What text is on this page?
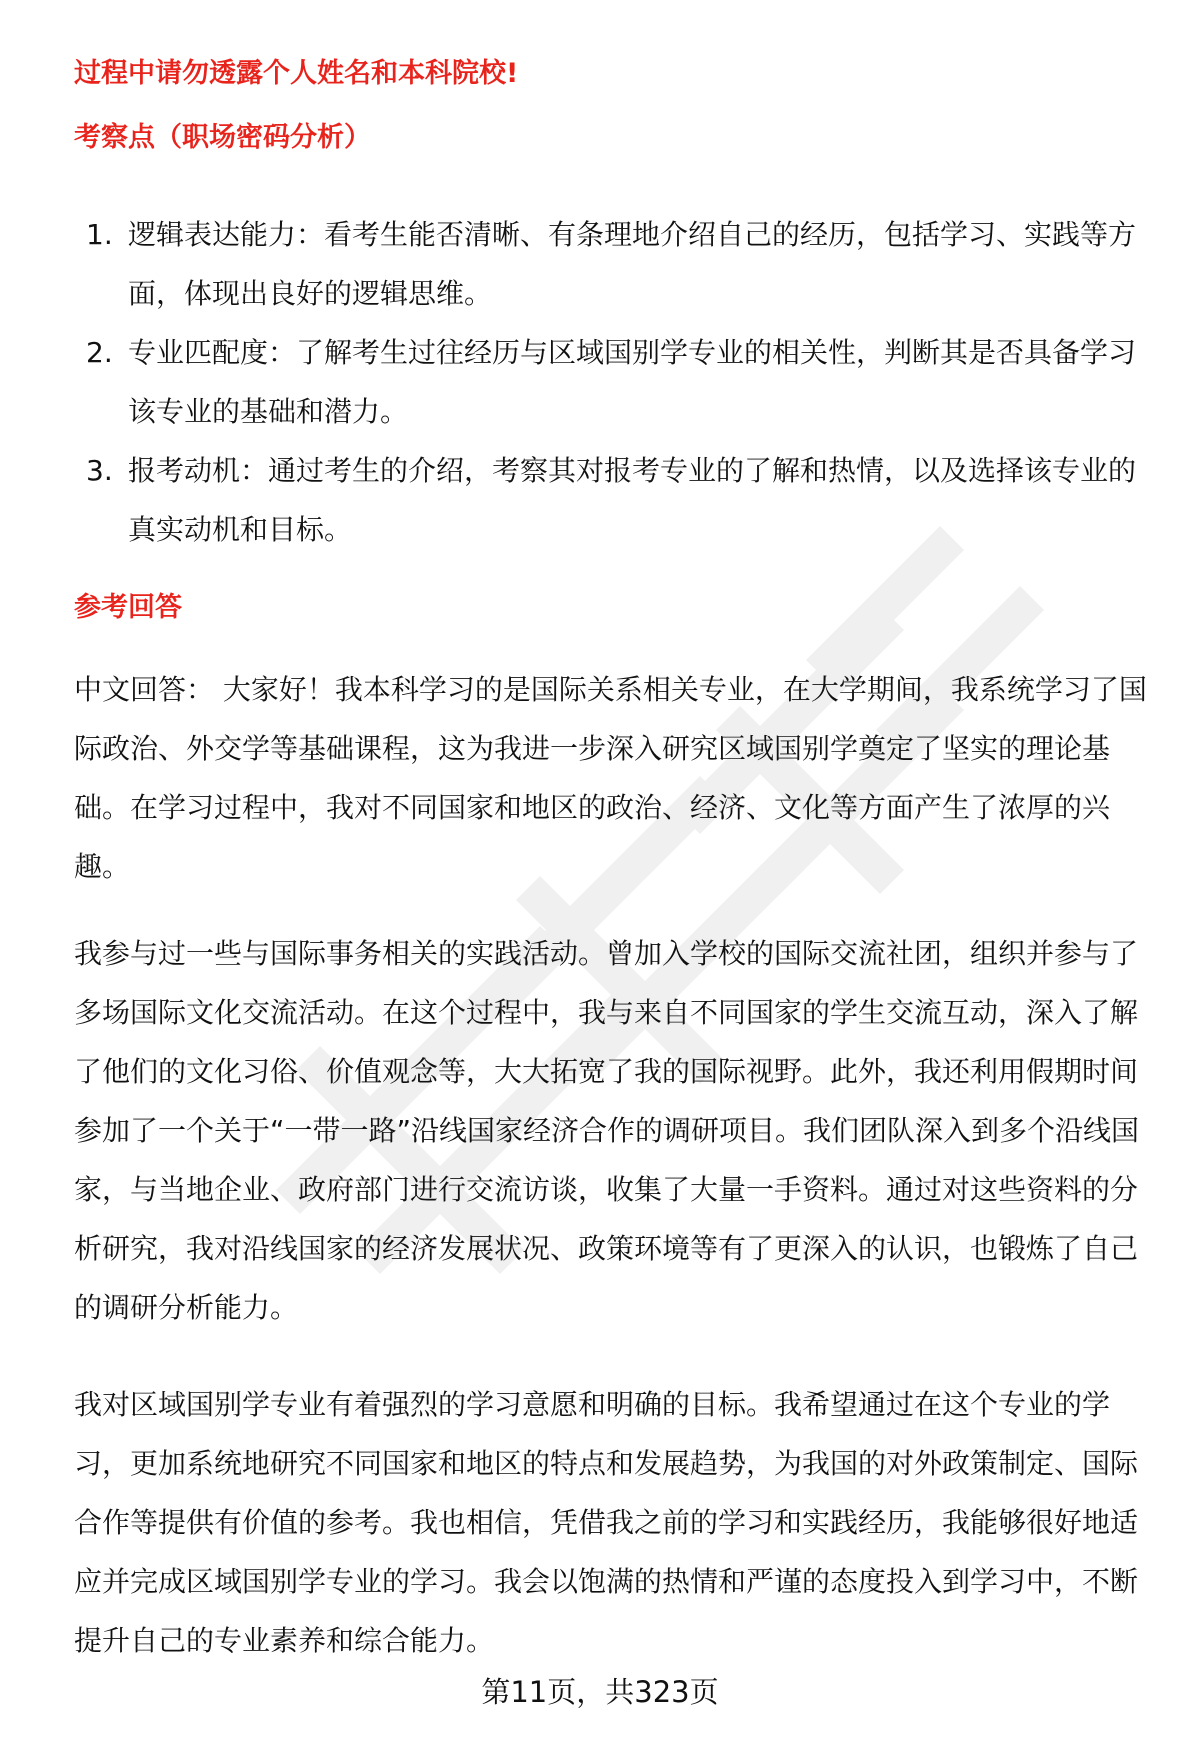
过程中请勿透露个人姓名和本科院校!
考察点（职场密码分析）
1. 逻辑表达能力：看考生能否清晰、有条理地介绍自己的经历，包括学习、实践等方面，体现出良好的逻辑思维。
2. 专业匹配度：了解考生过往经历与区域国别学专业的相关性，判断其是否具备学习该专业的基础和潜力。
3. 报考动机：通过考生的介绍，考察其对报考专业的了解和热情，以及选择该专业的真实动机和目标。
参考回答

中文回答： 大家好！我本科学习的是国际关系相关专业，在大学期间，我系统学习了国际政治、外交学等基础课程，这为我进一步深入研究区域国别学奠定了坚实的理论基础。在学习过程中，我对不同国家和地区的政治、经济、文化等方面产生了浓厚的兴趣。

我参与过一些与国际事务相关的实践活动。曾加入学校的国际交流社团，组织并参与了多场国际文化交流活动。在这个过程中，我与来自不同国家的学生交流互动，深入了解了他们的文化习俗、价值观念等，大大拓宽了我的国际视野。此外，我还利用假期时间参加了一个关于“一带一路”沿线国家经济合作的调研项目。我们团队深入到多个沿线国家，与当地企业、政府部门进行交流访谈，收集了大量一手资料。通过对这些资料的分析研究，我对沿线国家的经济发展状况、政策环境等有了更深入的认识，也锻炼了自己的调研分析能力。

我对区域国别学专业有着强烈的学习意愿和明确的目标。我希望通过在这个专业的学习，更加系统地研究不同国家和地区的特点和发展趋势，为我国的对外政策制定、国际合作等提供有价值的参考。我也相信，凭借我之前的学习和实践经历，我能够很好地适应并完成区域国别学专业的学习。我会以饱满的热情和严谨的态度投入到学习中，不断提升自己的专业素养和综合能力。

第11页，共323页
